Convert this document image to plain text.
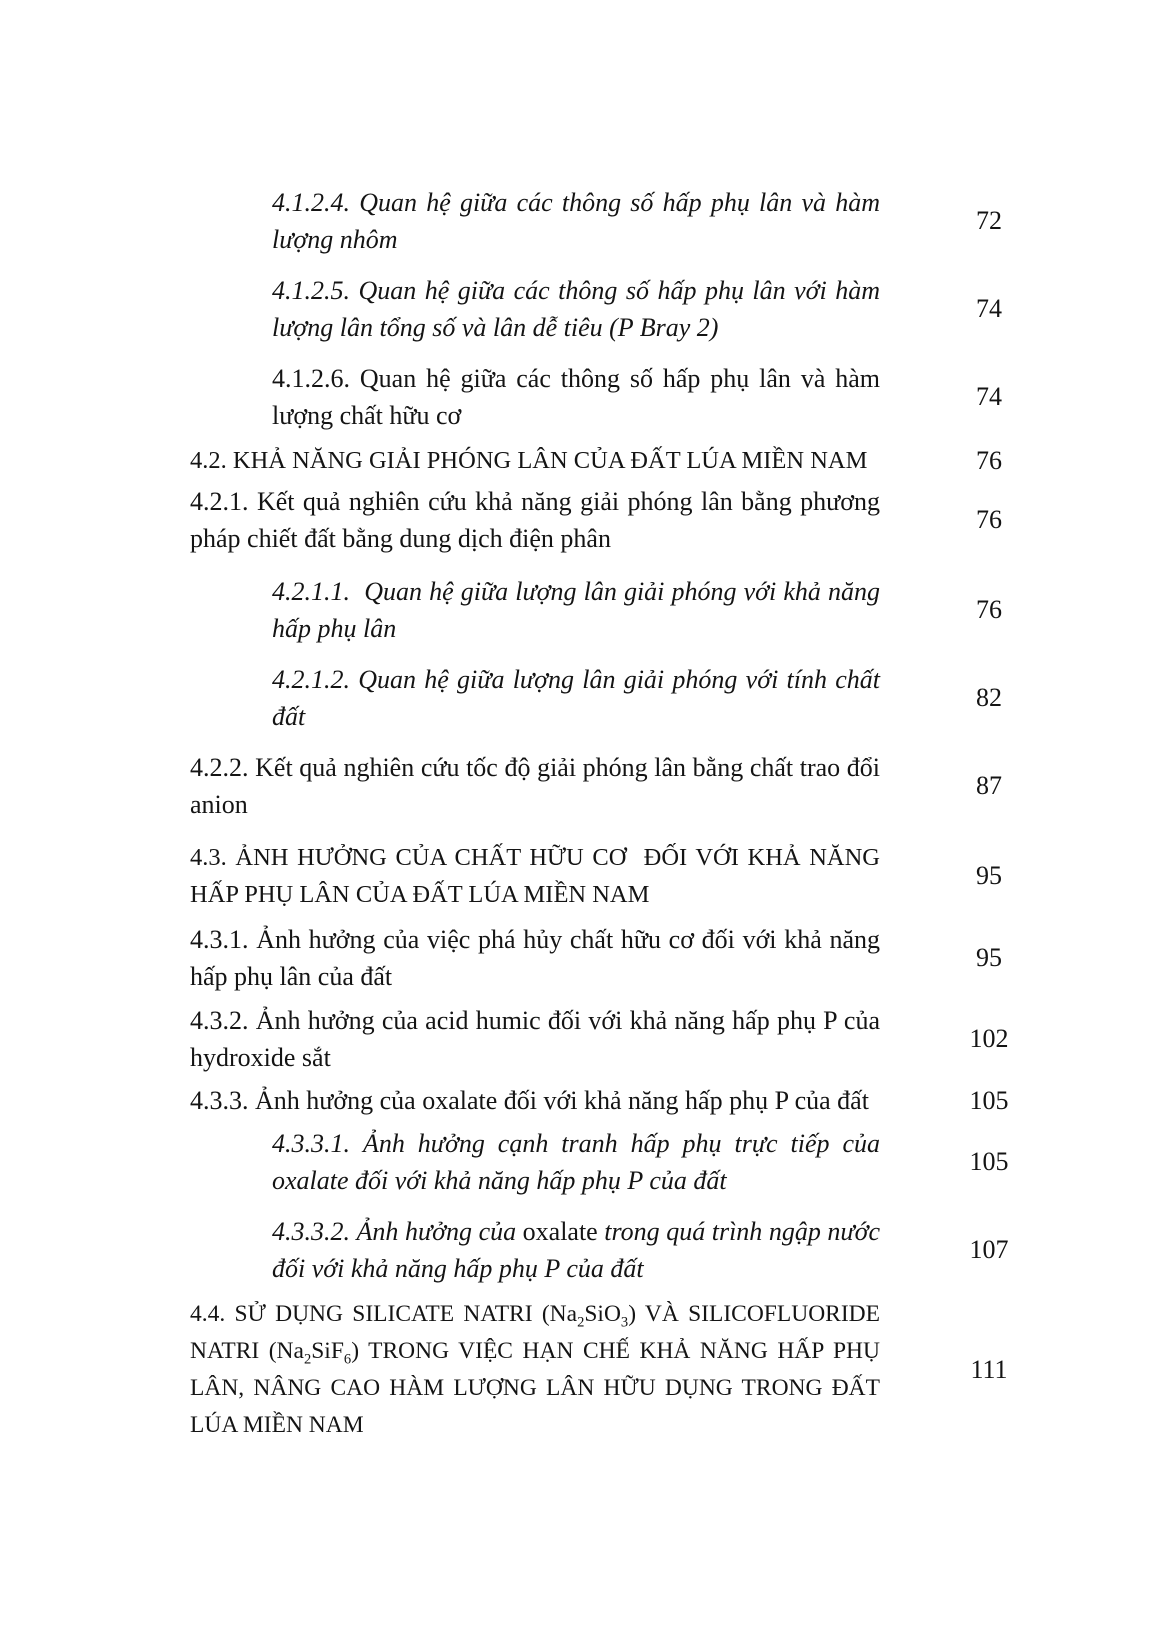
4.1.2.4. Quan hệ giữa các thông số hấp phụ lân và hàm lượng nhôm

72

4.1.2.5. Quan hệ giữa các thông số hấp phụ lân với hàm lượng lân tổng số và lân dễ tiêu (P Bray 2)

74

4.1.2.6. Quan hệ giữa các thông số hấp phụ lân và hàm lượng chất hữu cơ

74

4.2. KHẢ NĂNG GIẢI PHÓNG LÂN CỦA ĐẤT LÚA MIỀN NAM	76

4.2.1. Kết quả nghiên cứu khả năng giải phóng lân bằng phương pháp chiết đất bằng dung dịch điện phân

76

4.2.1.1.  Quan hệ giữa lượng lân giải phóng với khả năng hấp phụ lân

76

4.2.1.2. Quan hệ giữa lượng lân giải phóng với tính chất đất

82

4.2.2. Kết quả nghiên cứu tốc độ giải phóng lân bằng chất trao đổi anion

87

4.3. ẢNH HƯỞNG CỦA CHẤT HỮU CƠ  ĐỐI VỚI KHẢ NĂNG HẤP PHỤ LÂN CỦA ĐẤT LÚA MIỀN NAM

95

4.3.1. Ảnh hưởng của việc phá hủy chất hữu cơ đối với khả năng hấp phụ lân của đất

95

4.3.2. Ảnh hưởng của acid humic đối với khả năng hấp phụ P của hydroxide sắt

102

4.3.3. Ảnh hưởng của oxalate đối với khả năng hấp phụ P của đất	105

4.3.3.1. Ảnh hưởng cạnh tranh hấp phụ trực tiếp của oxalate đối với khả năng hấp phụ P của đất

105

4.3.3.2. Ảnh hưởng của oxalate trong quá trình ngập nước đối với khả năng hấp phụ P của đất

107

4.4. SỬ DỤNG SILICATE NATRI $(Na_2SiO_3)$ VÀ SILICOFLUORIDE NATRI $(Na_2SiF_6)$ TRONG VIỆC HẠN CHẾ KHẢ NĂNG HẤP PHỤ LÂN, NÂNG CAO HÀM LƯỢNG LÂN HỮU DỤNG TRONG ĐẤT LÚA MIỀN NAM

111
